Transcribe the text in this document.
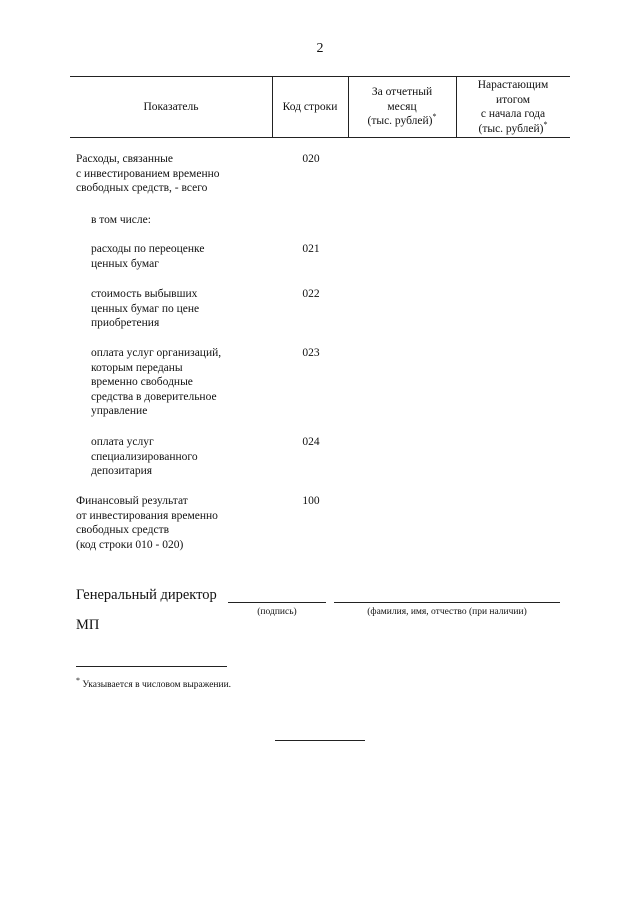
2
Показатель	Код строки
За отчетный
месяц
(тыс. рублей)*
Нарастающим
итогом
с начала года
(тыс. рублей)*
Расходы, связанные
с инвестированием временно
свободных средств, - всего
020
в том числе:
расходы по переоценке
ценных бумаг
021
стоимость выбывших
ценных бумаг по цене
приобретения
022
оплата услуг организаций,
которым переданы
временно свободные
средства в доверительное
управление
023
оплата услуг
специализированного
депозитария
024
Финансовый результат
от инвестирования временно
свободных средств
(код строки 010 - 020)
100
Генеральный директор
(подпись)	(фамилия, имя, отчество (при наличии)
МП
* Указывается в числовом выражении.
